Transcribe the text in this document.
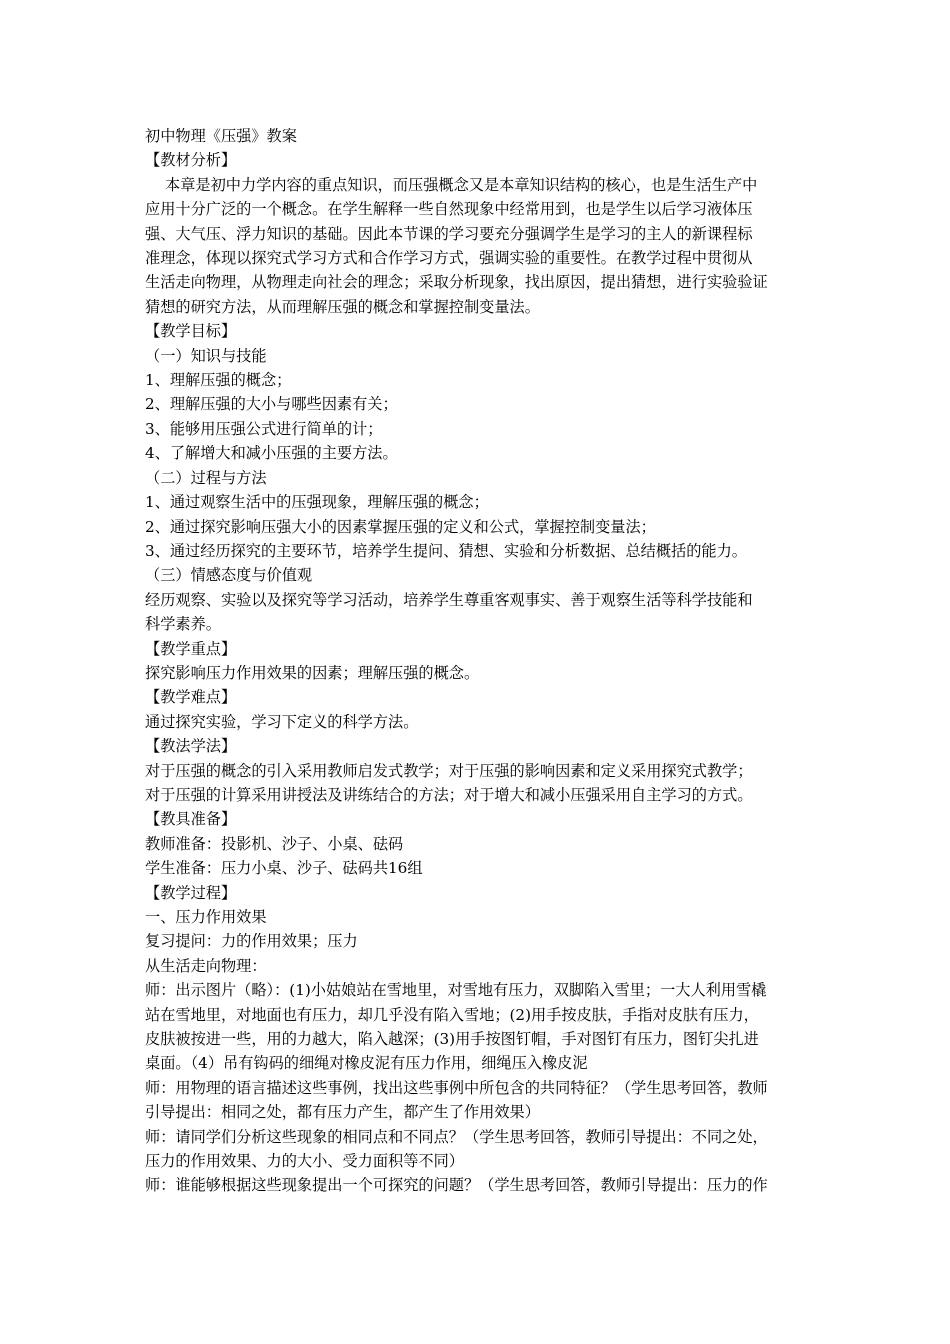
初中物理《压强》教案
【教材分析】
　 本章是初中力学内容的重点知识，而压强概念又是本章知识结构的核心，也是生活生产中
应用十分广泛的一个概念。在学生解释一些自然现象中经常用到，也是学生以后学习液体压
强、大气压、浮力知识的基础。因此本节课的学习要充分强调学生是学习的主人的新课程标
准理念，体现以探究式学习方式和合作学习方式，强调实验的重要性。在教学过程中贯彻从
生活走向物理，从物理走向社会的理念；采取分析现象，找出原因，提出猜想，进行实验验证
猜想的研究方法，从而理解压强的概念和掌握控制变量法。
【教学目标】
（一）知识与技能
1、理解压强的概念；
2、理解压强的大小与哪些因素有关；
3、能够用压强公式进行简单的计；
4、了解增大和减小压强的主要方法。
（二）过程与方法
1、通过观察生活中的压强现象，理解压强的概念；
2、通过探究影响压强大小的因素掌握压强的定义和公式，掌握控制变量法；
3、通过经历探究的主要环节，培养学生提问、猜想、实验和分析数据、总结概括的能力。
（三）情感态度与价值观
经历观察、实验以及探究等学习活动，培养学生尊重客观事实、善于观察生活等科学技能和
科学素养。
【教学重点】
探究影响压力作用效果的因素；理解压强的概念。
【教学难点】
通过探究实验，学习下定义的科学方法。
【教法学法】
对于压强的概念的引入采用教师启发式教学；对于压强的影响因素和定义采用探究式教学；
对于压强的计算采用讲授法及讲练结合的方法；对于增大和减小压强采用自主学习的方式。
【教具准备】
教师准备：投影机、沙子、小桌、砝码
学生准备：压力小桌、沙子、砝码共16组
【教学过程】
一、压力作用效果
复习提问：力的作用效果；压力
从生活走向物理：
师：出示图片（略）：(1)小姑娘站在雪地里，对雪地有压力，双脚陷入雪里；一大人利用雪橇
站在雪地里，对地面也有压力，却几乎没有陷入雪地；(2)用手按皮肤，手指对皮肤有压力，
皮肤被按进一些，用的力越大，陷入越深；(3)用手按图钉帽，手对图钉有压力，图钉尖扎进
桌面。（4）吊有钩码的细绳对橡皮泥有压力作用，细绳压入橡皮泥
师：用物理的语言描述这些事例，找出这些事例中所包含的共同特征？（学生思考回答，教师
引导提出：相同之处，都有压力产生，都产生了作用效果）
师：请同学们分析这些现象的相同点和不同点？（学生思考回答，教师引导提出：不同之处，
压力的作用效果、力的大小、受力面积等不同）
师：谁能够根据这些现象提出一个可探究的问题？（学生思考回答，教师引导提出：压力的作
